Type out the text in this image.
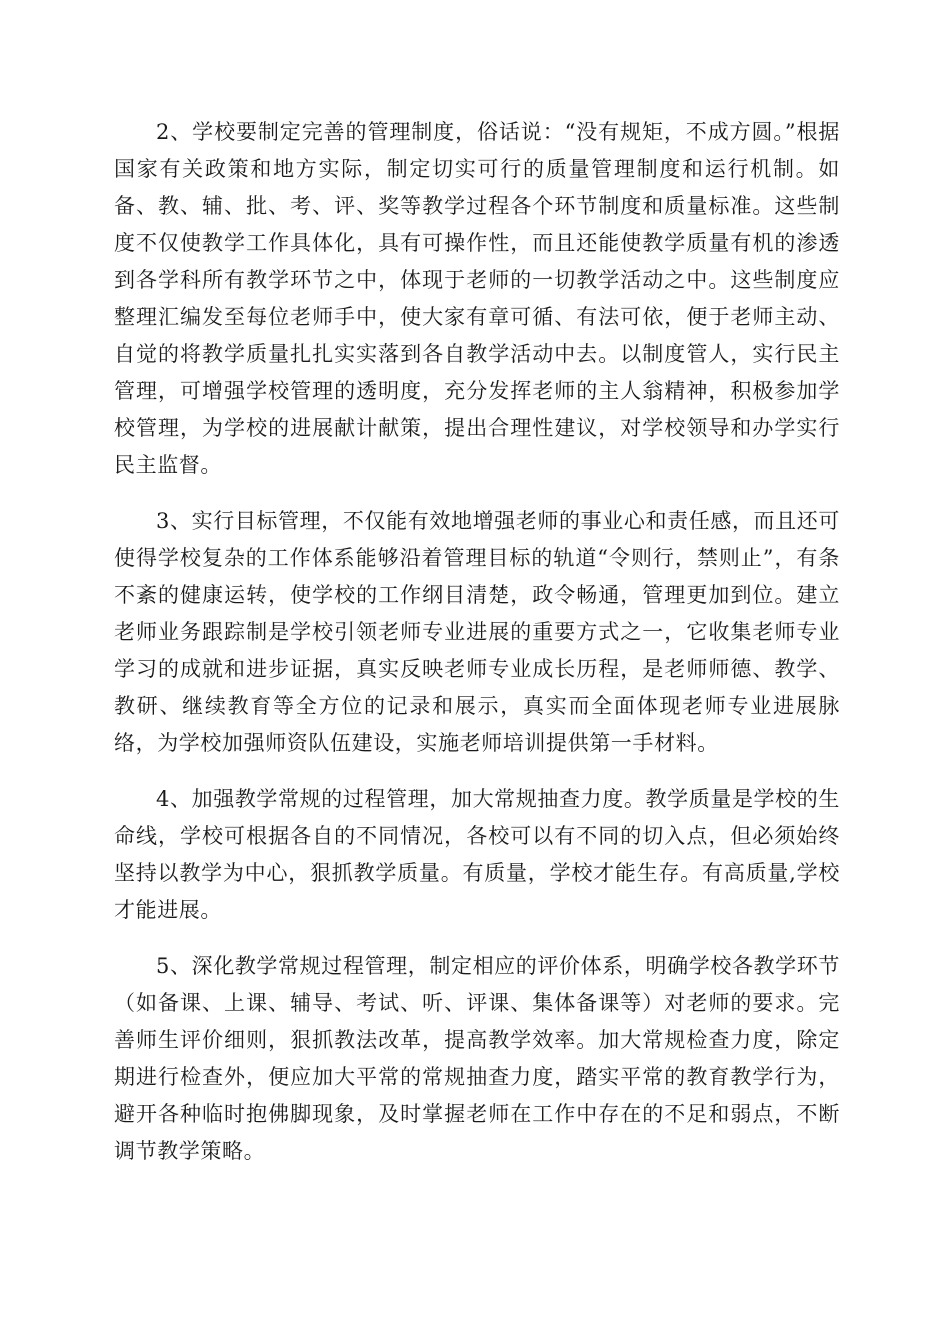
2、学校要制定完善的管理制度，俗话说：“没有规矩，不成方圆。”根据国家有关政策和地方实际，制定切实可行的质量管理制度和运行机制。如备、教、辅、批、考、评、奖等教学过程各个环节制度和质量标准。这些制度不仅使教学工作具体化，具有可操作性，而且还能使教学质量有机的渗透到各学科所有教学环节之中，体现于老师的一切教学活动之中。这些制度应整理汇编发至每位老师手中，使大家有章可循、有法可依，便于老师主动、自觉的将教学质量扎扎实实落到各自教学活动中去。以制度管人，实行民主管理，可增强学校管理的透明度，充分发挥老师的主人翁精神，积极参加学校管理，为学校的进展献计献策，提出合理性建议，对学校领导和办学实行民主监督。

3、实行目标管理，不仅能有效地增强老师的事业心和责任感，而且还可使得学校复杂的工作体系能够沿着管理目标的轨道“令则行，禁则止”，有条不紊的健康运转，使学校的工作纲目清楚，政令畅通，管理更加到位。建立老师业务跟踪制是学校引领老师专业进展的重要方式之一，它收集老师专业学习的成就和进步证据，真实反映老师专业成长历程，是老师师德、教学、教研、继续教育等全方位的记录和展示，真实而全面体现老师专业进展脉络，为学校加强师资队伍建设，实施老师培训提供第一手材料。

4、加强教学常规的过程管理，加大常规抽查力度。教学质量是学校的生命线，学校可根据各自的不同情况，各校可以有不同的切入点，但必须始终坚持以教学为中心，狠抓教学质量。有质量，学校才能生存。有高质量,学校才能进展。

5、深化教学常规过程管理，制定相应的评价体系，明确学校各教学环节（如备课、上课、辅导、考试、听、评课、集体备课等）对老师的要求。完善师生评价细则，狠抓教法改革，提高教学效率。加大常规检查力度，除定期进行检查外，便应加大平常的常规抽查力度，踏实平常的教育教学行为，避开各种临时抱佛脚现象，及时掌握老师在工作中存在的不足和弱点，不断调节教学策略。
